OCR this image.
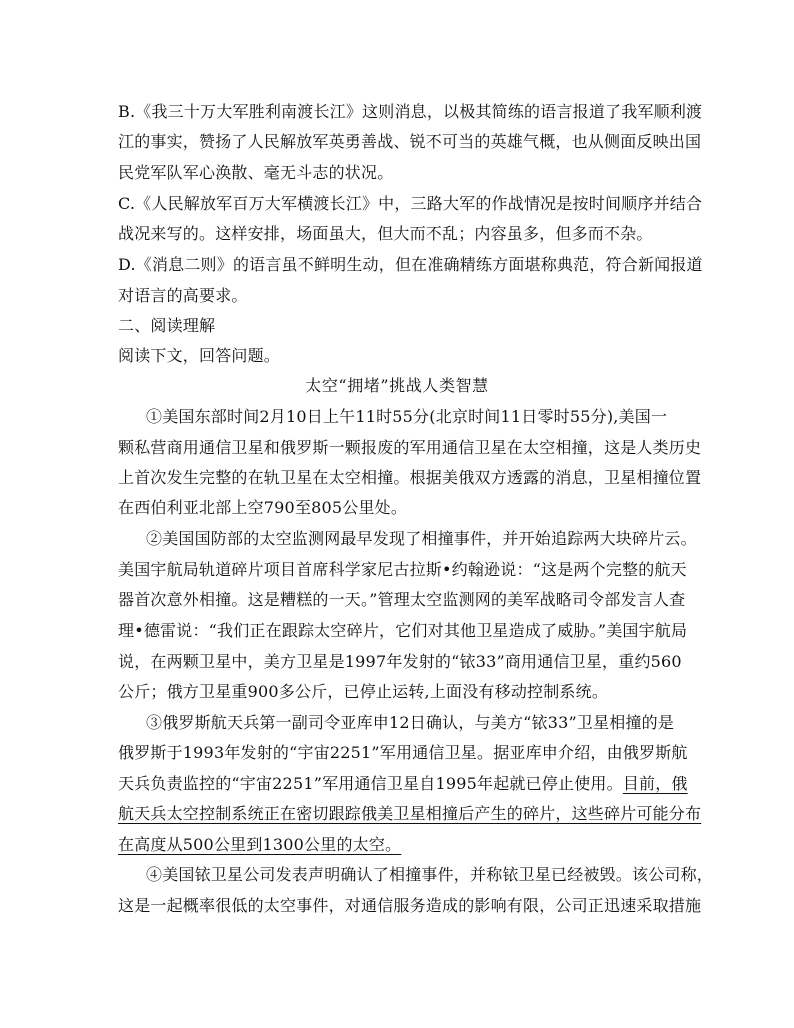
B.《我三十万大军胜利南渡长江》这则消息，以极其简练的语言报道了我军顺利渡
江的事实，赞扬了人民解放军英勇善战、锐不可当的英雄气概，也从侧面反映出国
民党军队军心涣散、毫无斗志的状况。
C.《人民解放军百万大军横渡长江》中，三路大军的作战情况是按时间顺序并结合
战况来写的。这样安排，场面虽大，但大而不乱；内容虽多，但多而不杂。
D.《消息二则》的语言虽不鲜明生动，但在准确精练方面堪称典范，符合新闻报道
对语言的高要求。
二、阅读理解
阅读下文，回答问题。
太空“拥堵”挑战人类智慧
①美国东部时间2月10日上午11时55分(北京时间11日零时55分),美国一
颗私营商用通信卫星和俄罗斯一颗报废的军用通信卫星在太空相撞，这是人类历史
上首次发生完整的在轨卫星在太空相撞。根据美俄双方透露的消息，卫星相撞位置
在西伯利亚北部上空790至805公里处。
②美国国防部的太空监测网最早发现了相撞事件，并开始追踪两大块碎片云。
美国宇航局轨道碎片项目首席科学家尼古拉斯•约翰逊说：“这是两个完整的航天
器首次意外相撞。这是糟糕的一天。”管理太空监测网的美军战略司令部发言人查
理•德雷说：“我们正在跟踪太空碎片，它们对其他卫星造成了威胁。”美国宇航局
说，在两颗卫星中，美方卫星是1997年发射的“铱33”商用通信卫星，重约560
公斤；俄方卫星重900多公斤，已停止运转,上面没有移动控制系统。
③俄罗斯航天兵第一副司令亚库申12日确认，与美方“铱33”卫星相撞的是
俄罗斯于1993年发射的“宇宙2251”军用通信卫星。据亚库申介绍，由俄罗斯航
天兵负责监控的“宇宙2251”军用通信卫星自1995年起就已停止使用。目前，俄
航天兵太空控制系统正在密切跟踪俄美卫星相撞后产生的碎片，这些碎片可能分布
在高度从500公里到1300公里的太空。
④美国铱卫星公司发表声明确认了相撞事件，并称铱卫星已经被毁。该公司称，
这是一起概率很低的太空事件，对通信服务造成的影响有限，公司正迅速采取措施
